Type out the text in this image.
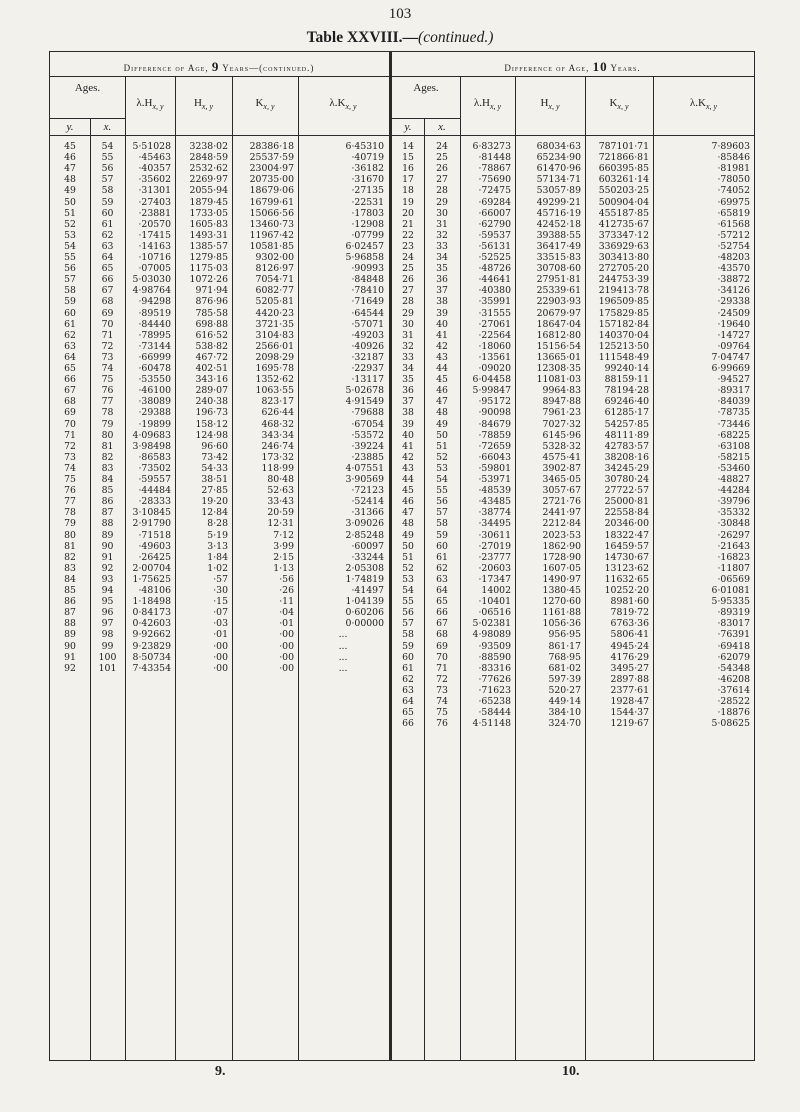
103
Table XXVIII.—(continued.)
Difference of Age, 9 Years—(continued.)	Difference of Age, 10 Years.
Ages.
y.	x.
$\lambda.H_{x, y}$	$H_{x, y}$	$K_{x, y}$	$\lambda.K_{x, y}$
45	54	5·51028	3238·02	28386·18	6·45310
46	55	·45463	2848·59	25537·59	·40719
47	56	·40357	2532·62	23004·97	·36182
48	57	·35602	2269·97	20735·00	·31670
49	58	·31301	2055·94	18679·06	·27135
50	59	·27403	1879·45	16799·61	·22531
51	60	·23881	1733·05	15066·56	·17803
52	61	·20570	1605·83	13460·73	·12908
53	62	·17415	1493·31	11967·42	·07799
54	63	·14163	1385·57	10581·85	6·02457
55	64	·10716	1279·85	9302·00	5·96858
56	65	·07005	1175·03	8126·97	·90993
57	66	5·03030	1072·26	7054·71	·84848
58	67	4·98764	971·94	6082·77	·78410
59	68	·94298	876·96	5205·81	·71649
60	69	·89519	785·58	4420·23	·64544
61	70	·84440	698·88	3721·35	·57071
62	71	·78995	616·52	3104·83	·49203
63	72	·73144	538·82	2566·01	·40926
64	73	·66999	467·72	2098·29	·32187
65	74	·60478	402·51	1695·78	·22937
66	75	·53550	343·16	1352·62	·13117
67	76	·46100	289·07	1063·55	5·02678
68	77	·38089	240·38	823·17	4·91549
69	78	·29388	196·73	626·44	·79688
70	79	·19899	158·12	468·32	·67054
71	80	4·09683	124·98	343·34	·53572
72	81	3·98498	96·60	246·74	·39224
73	82	·86583	73·42	173·32	·23885
74	83	·73502	54·33	118·99	4·07551
75	84	·59557	38·51	80·48	3·90569
76	85	·44484	27·85	52·63	·72123
77	86	·28333	19·20	33·43	·52414
78	87	3·10845	12·84	20·59	·31366
79	88	2·91790	8·28	12·31	3·09026
80	89	·71518	5·19	7·12	2·85248
81	90	·49603	3·13	3·99	·60097
82	91	·26425	1·84	2·15	·33244
83	92	2·00704	1·02	1·13	2·05308
84	93	1·75625	·57	·56	1·74819
85	94	·48106	·30	·26	·41497
86	95	1·18498	·15	·11	1·04139
87	96	0·84173	·07	·04	0·60206
88	97	0·42603	·03	·01	0·00000
89	98	9·92662	·01	·00	...
90	99	9·23829	·00	·00	...
91	100	8·50734	·00	·00	...
92	101	7·43354	·00	·00	...
Ages.
y.	x.
$\lambda.H_{x, y}$	$H_{x, y}$	$K_{x, y}$	$\lambda.K_{x, y}$
14	24	6·83273	68034·63	787101·71	7·89603
15	25	·81448	65234·90	721866·81	·85846
16	26	·78867	61470·96	660395·85	·81981
17	27	·75690	57134·71	603261·14	·78050
18	28	·72475	53057·89	550203·25	·74052
19	29	·69284	49299·21	500904·04	·69975
20	30	·66007	45716·19	455187·85	·65819
21	31	·62790	42452·18	412735·67	·61568
22	32	·59537	39388·55	373347·12	·57212
23	33	·56131	36417·49	336929·63	·52754
24	34	·52525	33515·83	303413·80	·48203
25	35	·48726	30708·60	272705·20	·43570
26	36	·44641	27951·81	244753·39	·38872
27	37	·40380	25339·61	219413·78	·34126
28	38	·35991	22903·93	196509·85	·29338
29	39	·31555	20679·97	175829·85	·24509
30	40	·27061	18647·04	157182·84	·19640
31	41	·22564	16812·80	140370·04	·14727
32	42	·18060	15156·54	125213·50	·09764
33	43	·13561	13665·01	111548·49	7·04747
34	44	·09020	12308·35	99240·14	6·99669
35	45	6·04458	11081·03	88159·11	·94527
36	46	5·99847	9964·83	78194·28	·89317
37	47	·95172	8947·88	69246·40	·84039
38	48	·90098	7961·23	61285·17	·78735
39	49	·84679	7027·32	54257·85	·73446
40	50	·78859	6145·96	48111·89	·68225
41	51	·72659	5328·32	42783·57	·63108
42	52	·66043	4575·41	38208·16	·58215
43	53	·59801	3902·87	34245·29	·53460
44	54	·53971	3465·05	30780·24	·48827
45	55	·48539	3057·67	27722·57	·44284
46	56	·43485	2721·76	25000·81	·39796
47	57	·38774	2441·97	22558·84	·35332
48	58	·34495	2212·84	20346·00	·30848
49	59	·30611	2023·53	18322·47	·26297
50	60	·27019	1862·90	16459·57	·21643
51	61	·23777	1728·90	14730·67	·16823
52	62	·20603	1607·05	13123·62	·11807
53	63	·17347	1490·97	11632·65	·06569
54	64	14002	1380·45	10252·20	6·01081
55	65	·10401	1270·60	8981·60	5·95335
56	66	·06516	1161·88	7819·72	·89319
57	67	5·02381	1056·36	6763·36	·83017
58	68	4·98089	956·95	5806·41	·76391
59	69	·93509	861·17	4945·24	·69418
60	70	·88590	768·95	4176·29	·62079
61	71	·83316	681·02	3495·27	·54348
62	72	·77626	597·39	2897·88	·46208
63	73	·71623	520·27	2377·61	·37614
64	74	·65238	449·14	1928·47	·28522
65	75	·58444	384·10	1544·37	·18876
66	76	4·51148	324·70	1219·67	5·08625
9.	10.
